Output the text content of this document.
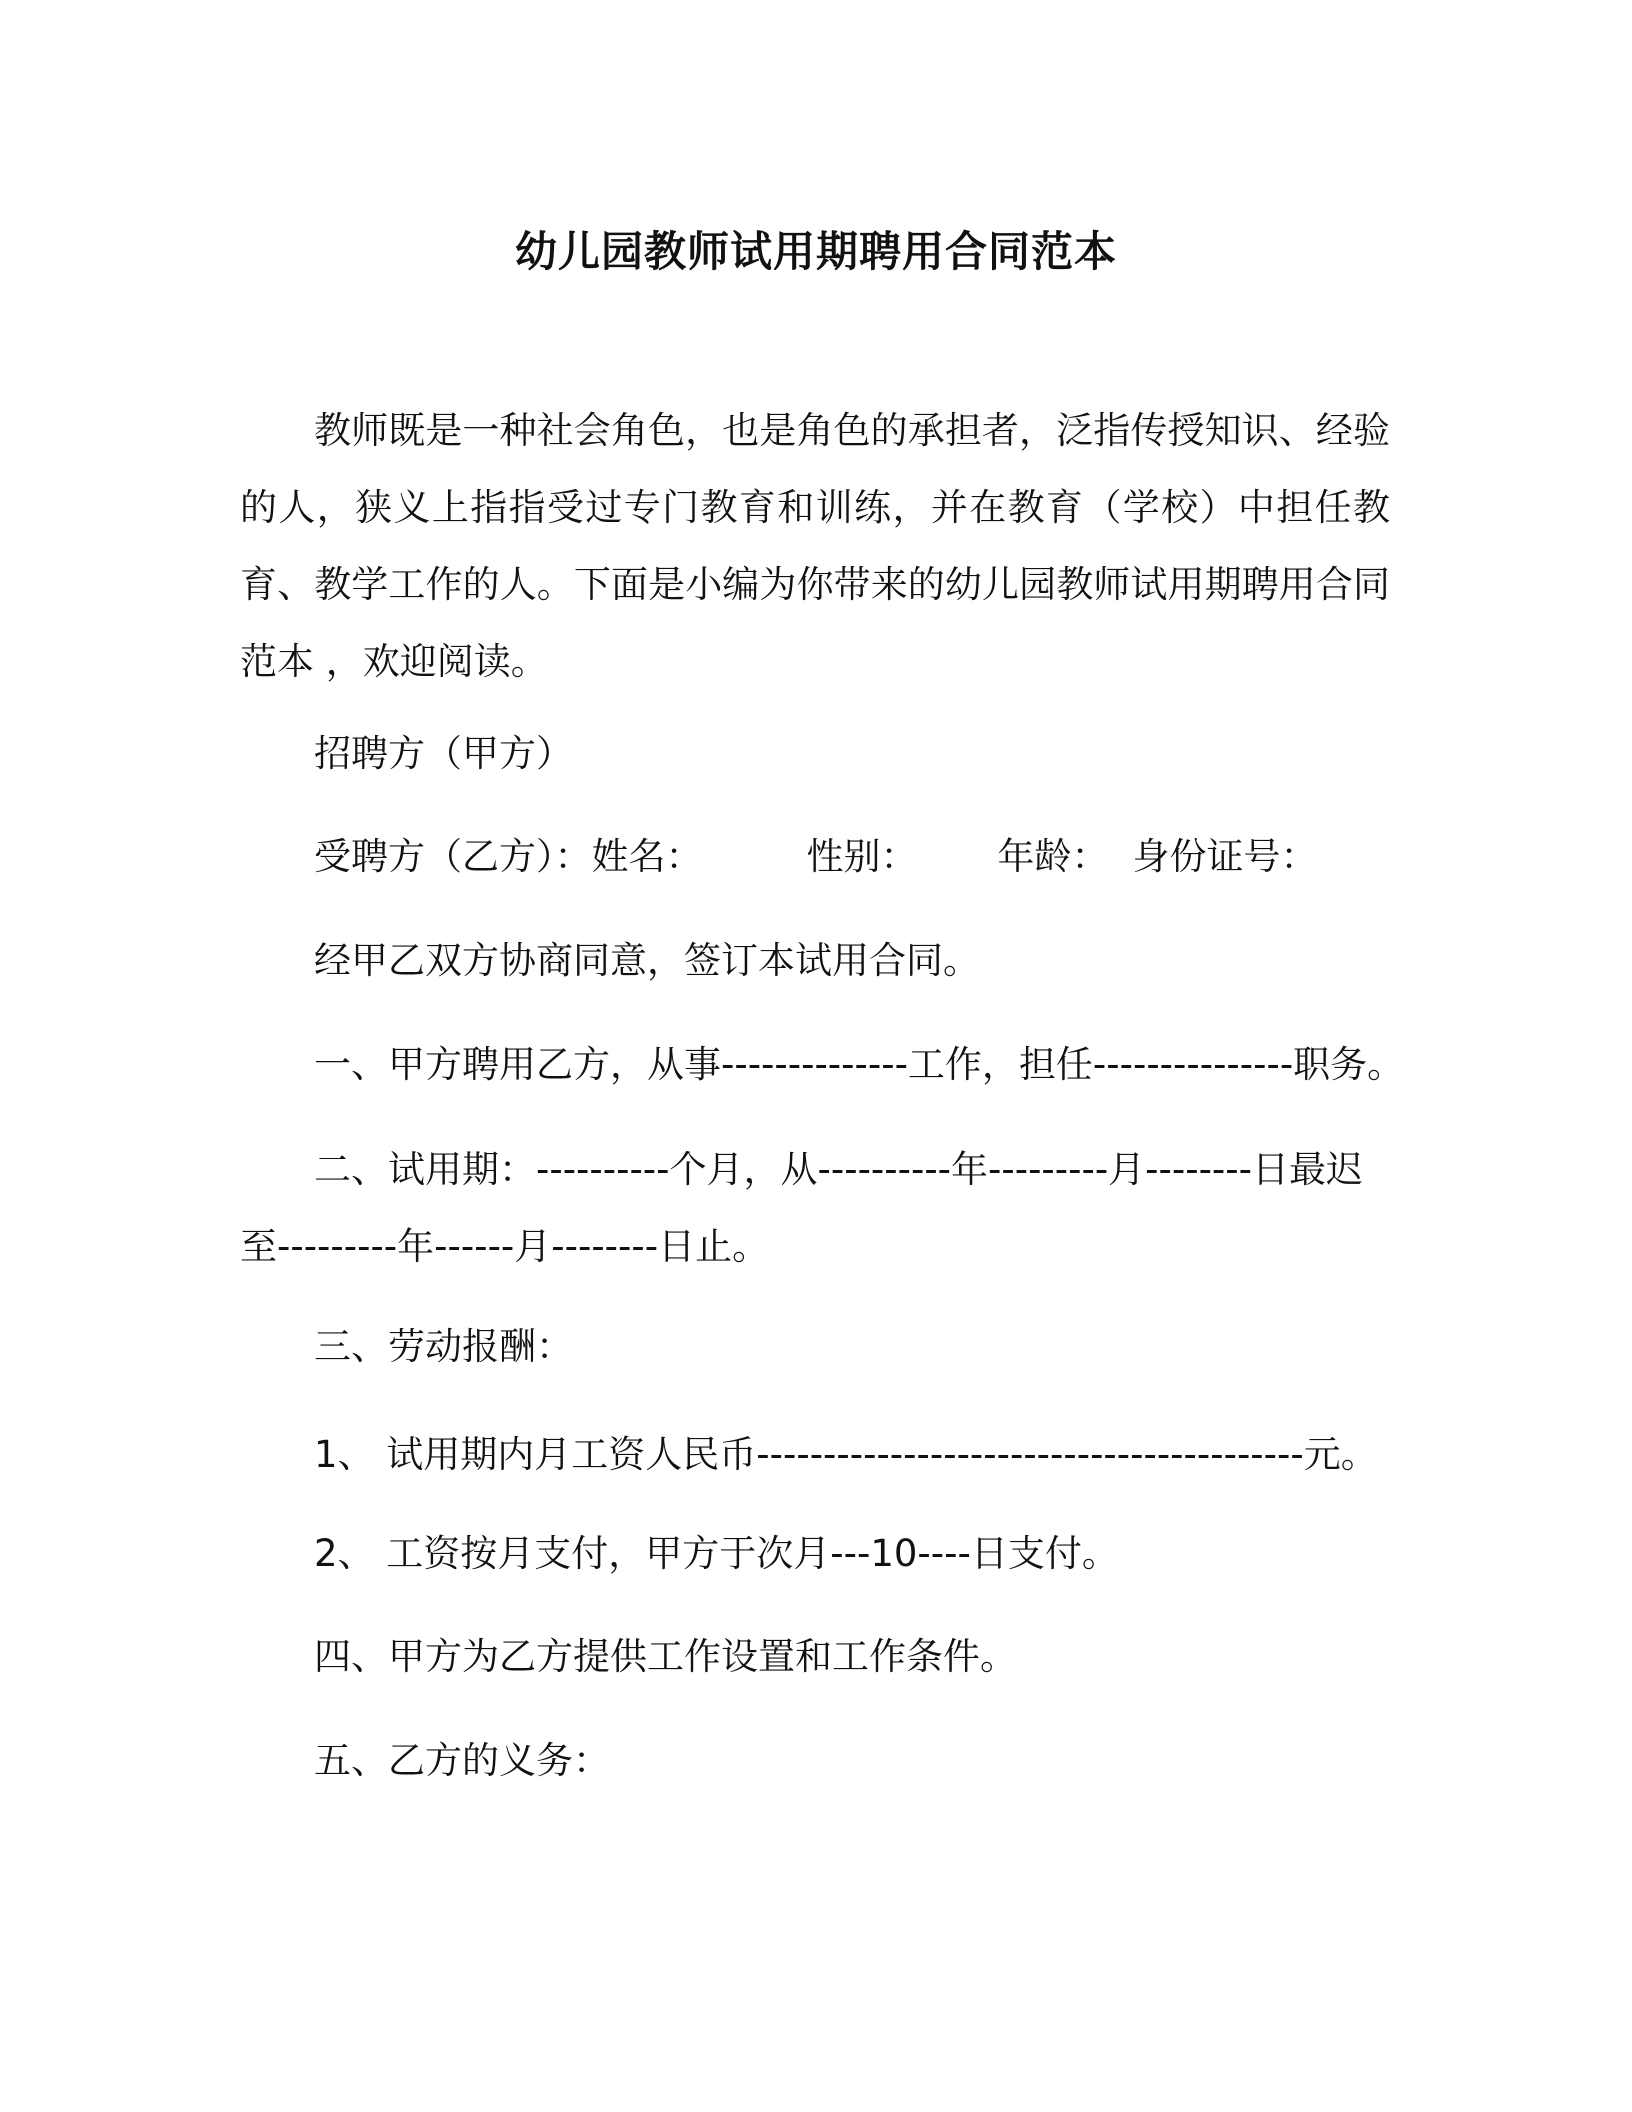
幼儿园教师试用期聘用合同范本

教师既是一种社会角色，也是角色的承担者，泛指传授知识、经验的人，狭义上指指受过专门教育和训练，并在教育（学校）中担任教育、教学工作的人。下面是小编为你带来的幼儿园教师试用期聘用合同范本 ，欢迎阅读。

招聘方（甲方）

受聘方（乙方）：姓名：	性别： 年龄： 身份证号：

经甲乙双方协商同意，签订本试用合同。

一、甲方聘用乙方，从事--------------工作，担任---------------职务。

二、试用期：----------个月，从----------年---------月--------日最迟至---------年------月--------日止。

三、劳动报酬：

1、 试用期内月工资人民币-----------------------------------------元。

2、 工资按月支付，甲方于次月---10----日支付。

四、甲方为乙方提供工作设置和工作条件。

五、乙方的义务：
